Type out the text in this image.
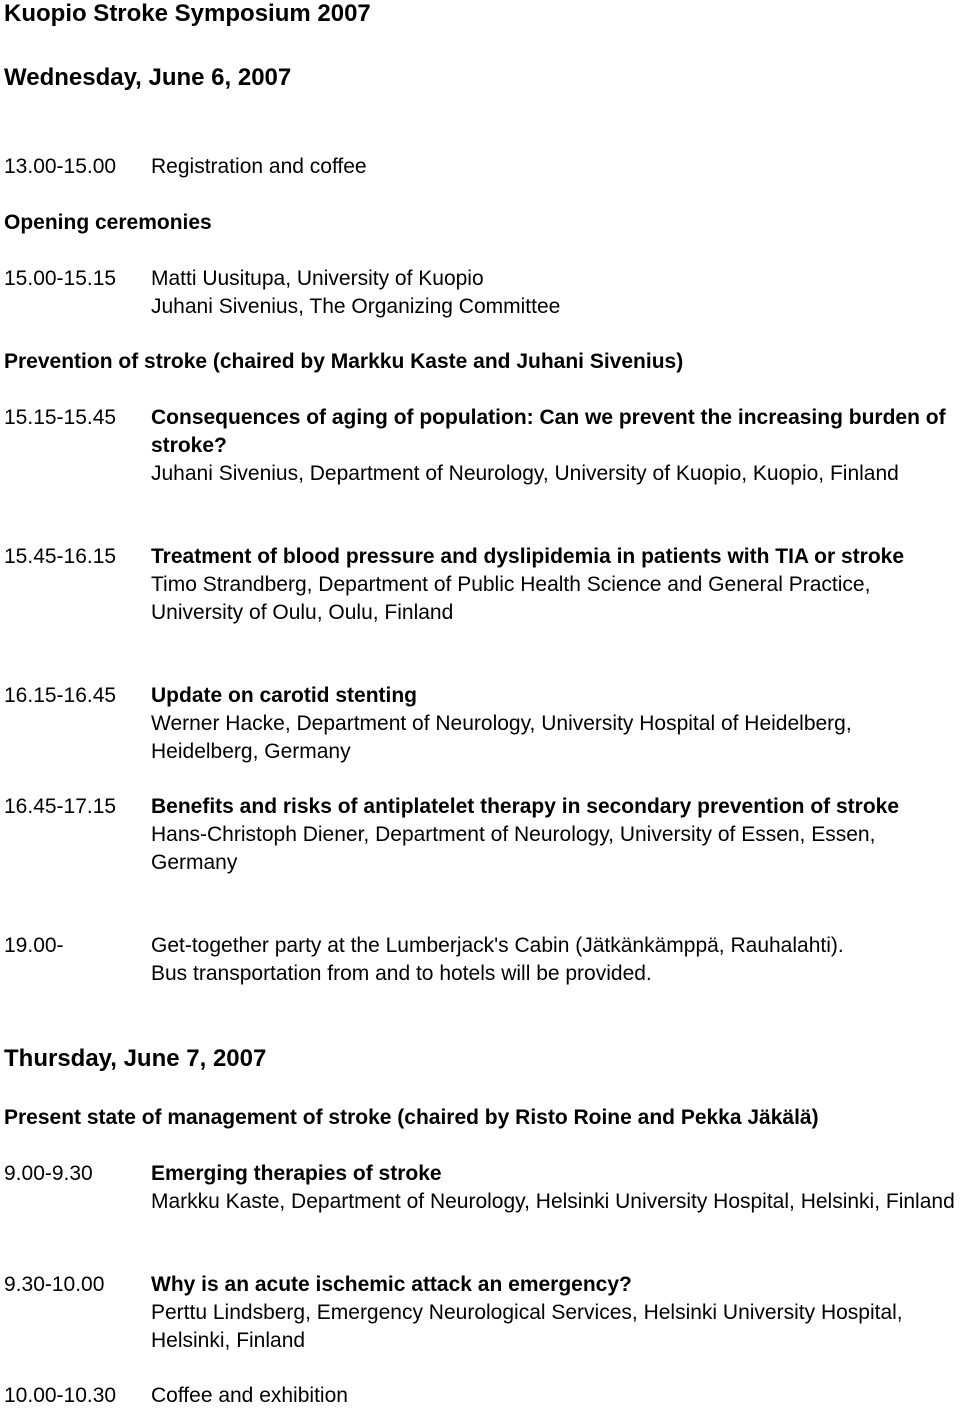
Kuopio Stroke Symposium 2007
Wednesday, June 6, 2007
13.00-15.00 Registration and coffee
Opening ceremonies
15.00-15.15 Matti Uusitupa, University of Kuopio
Juhani Sivenius, The Organizing Committee
Prevention of stroke (chaired by Markku Kaste and Juhani Sivenius)
15.15-15.45 Consequences of aging of population: Can we prevent the increasing burden of stroke?
Juhani Sivenius, Department of Neurology, University of Kuopio, Kuopio, Finland
15.45-16.15 Treatment of blood pressure and dyslipidemia in patients with TIA or stroke
Timo Strandberg, Department of Public Health Science and General Practice, University of Oulu, Oulu, Finland
16.15-16.45 Update on carotid stenting
Werner Hacke, Department of Neurology, University Hospital of Heidelberg, Heidelberg, Germany
16.45-17.15 Benefits and risks of antiplatelet therapy in secondary prevention of stroke
Hans-Christoph Diener, Department of Neurology, University of Essen, Essen, Germany
19.00-	Get-together party at the Lumberjack's Cabin (Jätkänkämppä, Rauhalahti).
Bus transportation from and to hotels will be provided.
Thursday, June 7, 2007
Present state of management of stroke (chaired by Risto Roine and Pekka Jäkälä)
9.00-9.30	Emerging therapies of stroke
Markku Kaste, Department of Neurology, Helsinki University Hospital, Helsinki, Finland
9.30-10.00 Why is an acute ischemic attack an emergency?
Perttu Lindsberg, Emergency Neurological Services, Helsinki University Hospital, Helsinki, Finland
10.00-10.30 Coffee and exhibition
